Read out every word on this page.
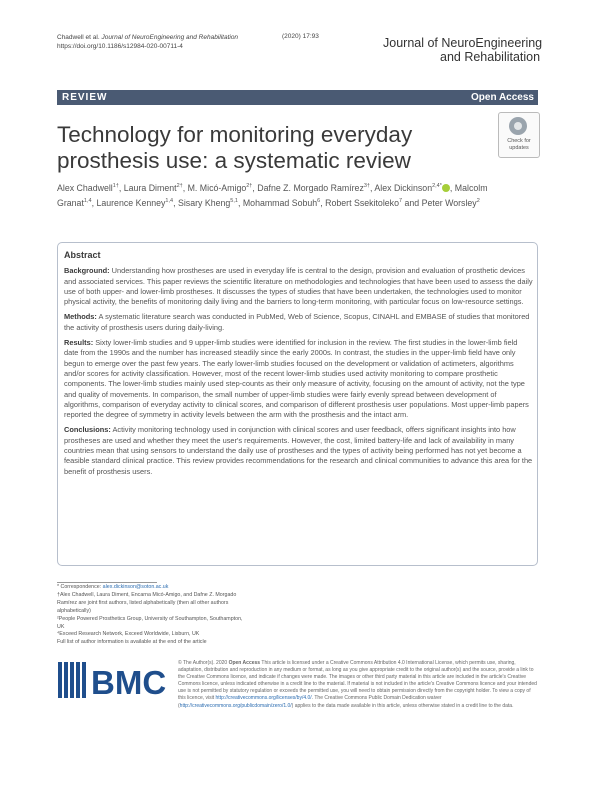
Chadwell et al. Journal of NeuroEngineering and Rehabilitation
https://doi.org/10.1186/s12984-020-00711-4
(2020) 17:93	Journal of NeuroEngineering
and Rehabilitation
REVIEW	Open Access
Technology for monitoring everyday prosthesis use: a systematic review
Check for
updates
Alex Chadwell$^{1\dagger}$, Laura Diment$^{2\dagger}$, M. Micó-Amigo$^{2\dagger}$, Dafne Z. Morgado Ramírez$^{3\dagger}$, Alex Dickinson$^{2,4*}$ , Malcolm Granat$^{1,4}$, Laurence Kenney$^{1,4}$, Sisary Kheng$^{5,1}$, Mohammad Sobuh$^6$, Robert Ssekitoleko$^7$ and Peter Worsley$^2$
Abstract

Background: Understanding how prostheses are used in everyday life is central to the design, provision and evaluation of prosthetic devices and associated services. This paper reviews the scientific literature on methodologies and technologies that have been used to assess the daily use of both upper- and lower-limb prostheses. It discusses the types of studies that have been undertaken, the technologies used to monitor physical activity, the benefits of monitoring daily living and the barriers to long-term monitoring, with particular focus on low-resource settings.

Methods: A systematic literature search was conducted in PubMed, Web of Science, Scopus, CINAHL and EMBASE of studies that monitored the activity of prosthesis users during daily-living.

Results: Sixty lower-limb studies and 9 upper-limb studies were identified for inclusion in the review. The first studies in the lower-limb field date from the 1990s and the number has increased steadily since the early 2000s. In contrast, the studies in the upper-limb field have only begun to emerge over the past few years. The early lower-limb studies focused on the development or validation of actimeters, algorithms and/or scores for activity classification. However, most of the recent lower-limb studies used activity monitoring to compare prosthetic components. The lower-limb studies mainly used step-counts as their only measure of activity, focusing on the amount of activity, not the type and quality of movements. In comparison, the small number of upper-limb studies were fairly evenly spread between development of algorithms, comparison of everyday activity to clinical scores, and comparison of different prosthesis user populations. Most upper-limb papers reported the degree of symmetry in activity levels between the arm with the prosthesis and the intact arm.

Conclusions: Activity monitoring technology used in conjunction with clinical scores and user feedback, offers significant insights into how prostheses are used and whether they meet the user's requirements. However, the cost, limited battery-life and lack of availability in many countries mean that using sensors to understand the daily use of prostheses and the types of activity being performed has not yet become a feasible standard clinical practice. This review provides recommendations for the research and clinical communities to advance this area for the benefit of prosthesis users.

* Correspondence: alex.dickinson@soton.ac.uk
†Alex Chadwell, Laura Diment, Encarna Micó-Amigo, and Dafne Z. Morgado Ramírez are joint first authors, listed alphabetically (then all other authors alphabetically)
²People Powered Prosthetics Group, University of Southampton, Southampton, UK
⁴Exceed Research Network, Exceed Worldwide, Lisburn, UK
Full list of author information is available at the end of the article
BMC
© The Author(s). 2020 Open Access This article is licensed under a Creative Commons Attribution 4.0 International License, which permits use, sharing, adaptation, distribution and reproduction in any medium or format, as long as you give appropriate credit to the original author(s) and the source, provide a link to the Creative Commons licence, and indicate if changes were made. The images or other third party material in this article are included in the article's Creative Commons licence, unless indicated otherwise in a credit line to the material. If material is not included in the article's Creative Commons licence and your intended use is not permitted by statutory regulation or exceeds the permitted use, you will need to obtain permission directly from the copyright holder. To view a copy of this licence, visit http://creativecommons.org/licenses/by/4.0/. The Creative Commons Public Domain Dedication waiver (http://creativecommons.org/publicdomain/zero/1.0/) applies to the data made available in this article, unless otherwise stated in a credit line to the data.
